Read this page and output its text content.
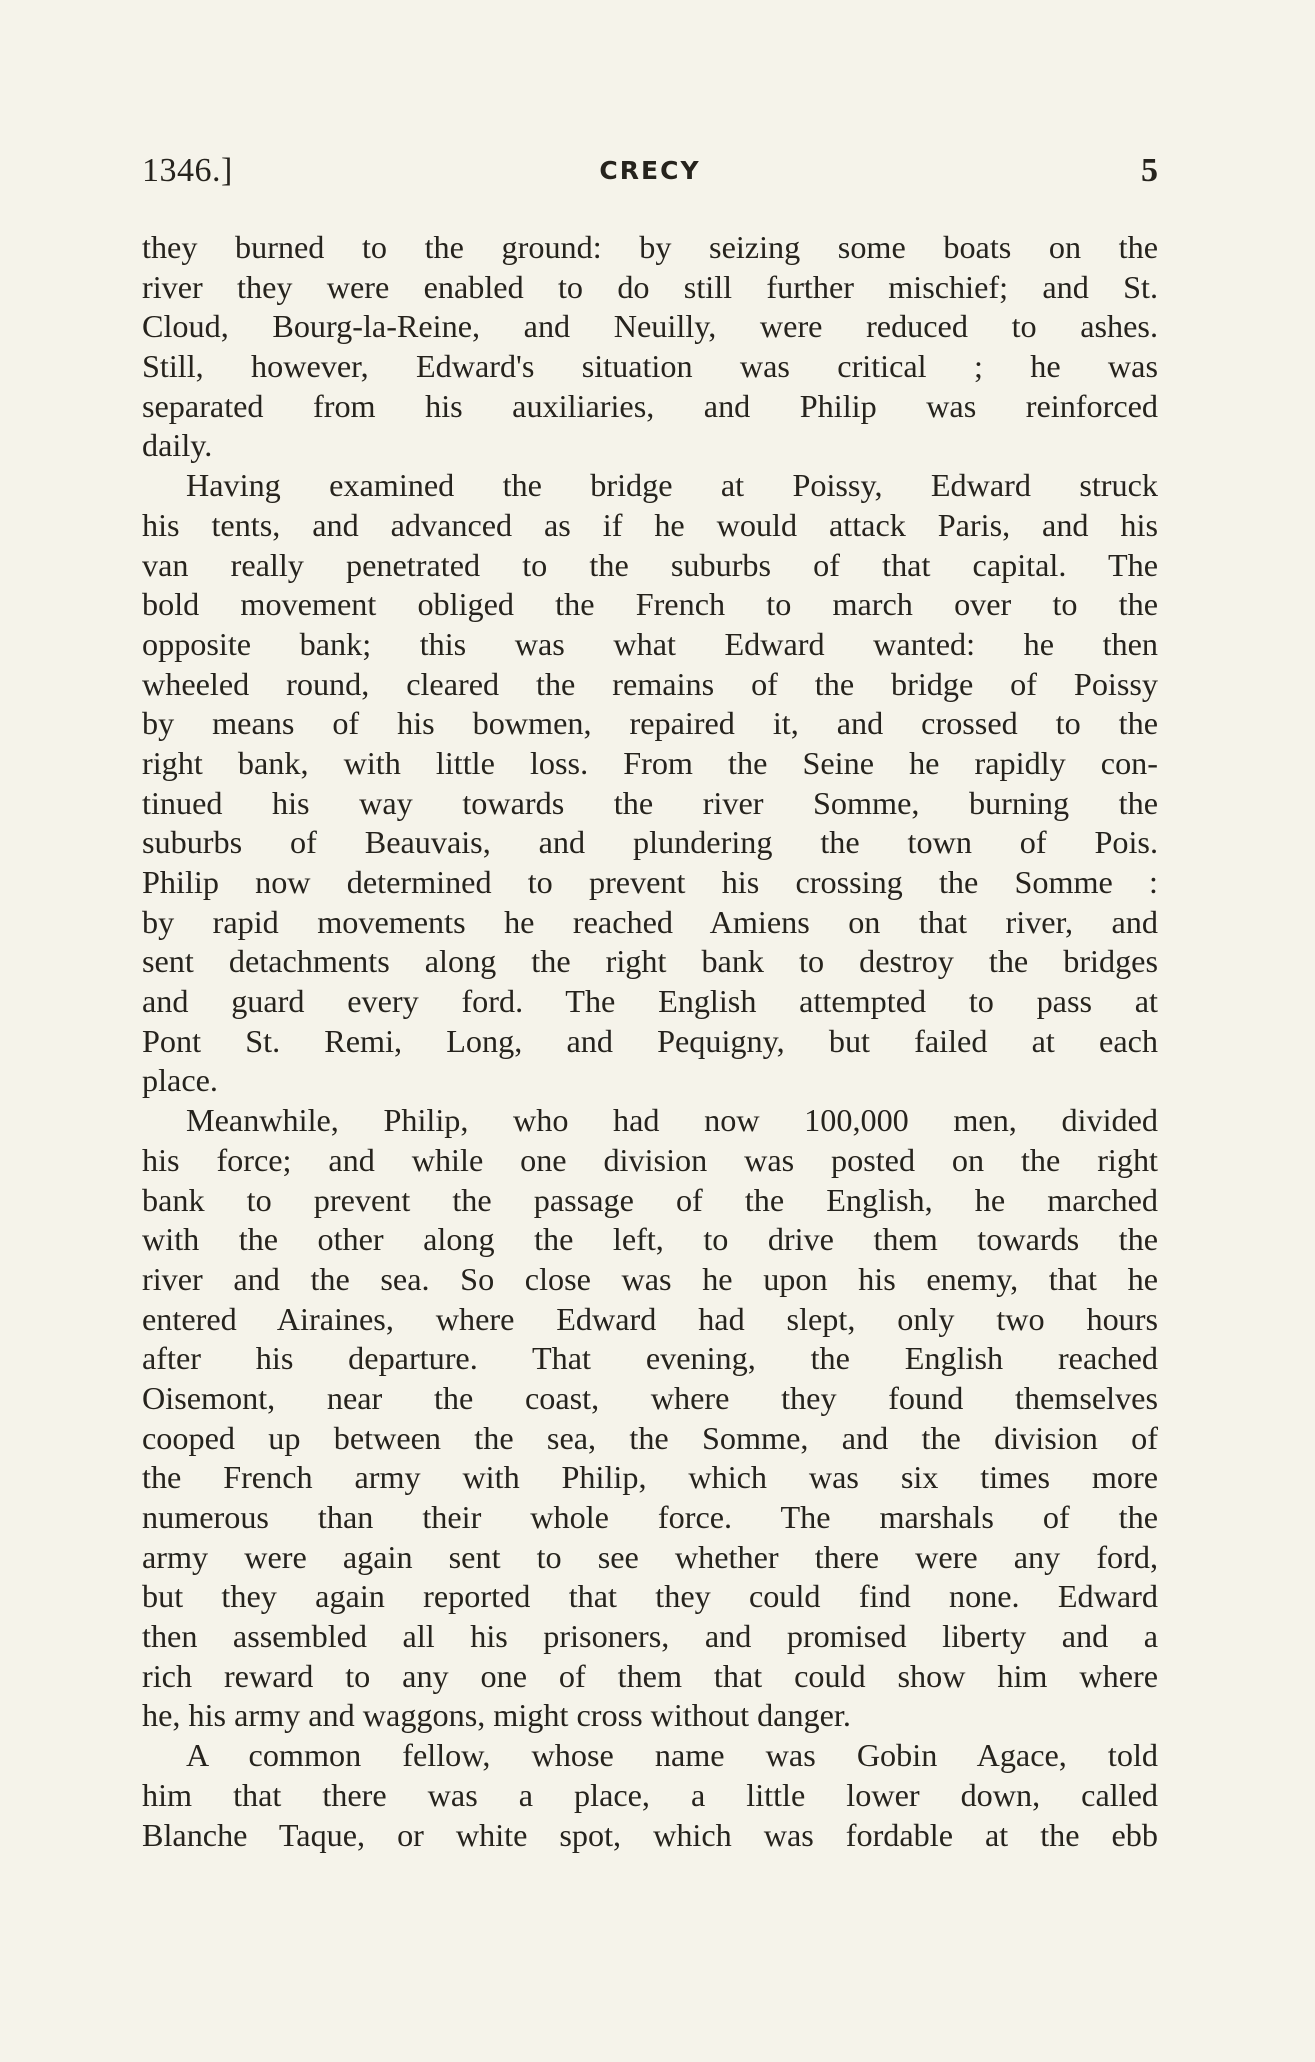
1346.]	CRECY	5
they burned to the ground: by seizing some boats on the
river they were enabled to do still further mischief; and St.
Cloud, Bourg-la-Reine, and Neuilly, were reduced to ashes.
Still, however, Edward's situation was critical ; he was
separated from his auxiliaries, and Philip was reinforced
daily.
Having examined the bridge at Poissy, Edward struck
his tents, and advanced as if he would attack Paris, and his
van really penetrated to the suburbs of that capital. The
bold movement obliged the French to march over to the
opposite bank; this was what Edward wanted: he then
wheeled round, cleared the remains of the bridge of Poissy
by means of his bowmen, repaired it, and crossed to the
right bank, with little loss. From the Seine he rapidly con-
tinued his way towards the river Somme, burning the
suburbs of Beauvais, and plundering the town of Pois.
Philip now determined to prevent his crossing the Somme :
by rapid movements he reached Amiens on that river, and
sent detachments along the right bank to destroy the bridges
and guard every ford. The English attempted to pass at
Pont St. Remi, Long, and Pequigny, but failed at each
place.
Meanwhile, Philip, who had now 100,000 men, divided
his force; and while one division was posted on the right
bank to prevent the passage of the English, he marched
with the other along the left, to drive them towards the
river and the sea. So close was he upon his enemy, that he
entered Airaines, where Edward had slept, only two hours
after his departure. That evening, the English reached
Oisemont, near the coast, where they found themselves
cooped up between the sea, the Somme, and the division of
the French army with Philip, which was six times more
numerous than their whole force. The marshals of the
army were again sent to see whether there were any ford,
but they again reported that they could find none. Edward
then assembled all his prisoners, and promised liberty and a
rich reward to any one of them that could show him where
he, his army and waggons, might cross without danger.
A common fellow, whose name was Gobin Agace, told
him that there was a place, a little lower down, called
Blanche Taque, or white spot, which was fordable at the ebb
